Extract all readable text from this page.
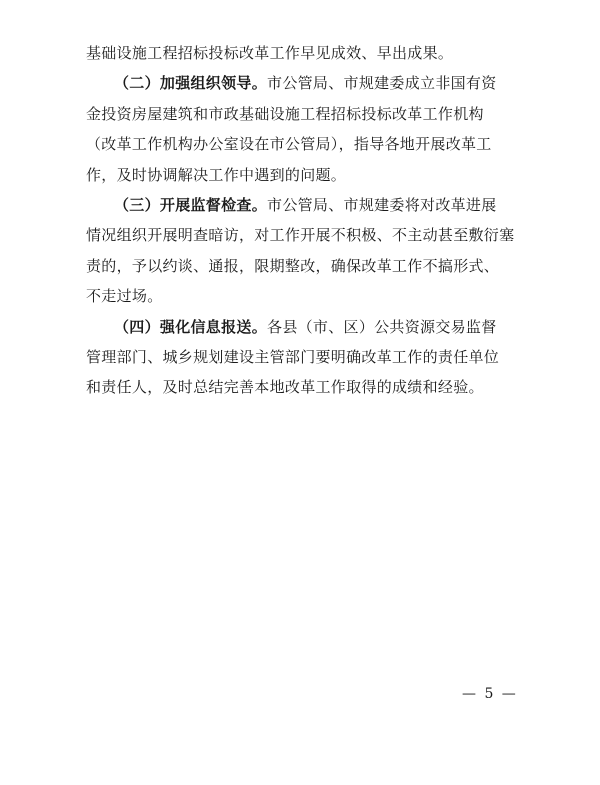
基础设施工程招标投标改革工作早见成效、早出成果。
（二）加强组织领导。市公管局、市规建委成立非国有资
金投资房屋建筑和市政基础设施工程招标投标改革工作机构
（改革工作机构办公室设在市公管局），指导各地开展改革工
作，及时协调解决工作中遇到的问题。
（三）开展监督检查。市公管局、市规建委将对改革进展
情况组织开展明查暗访，对工作开展不积极、不主动甚至敷衍塞
责的，予以约谈、通报，限期整改，确保改革工作不搞形式、
不走过场。
（四）强化信息报送。各县（市、区）公共资源交易监督
管理部门、城乡规划建设主管部门要明确改革工作的责任单位
和责任人，及时总结完善本地改革工作取得的成绩和经验。
— 5 —
